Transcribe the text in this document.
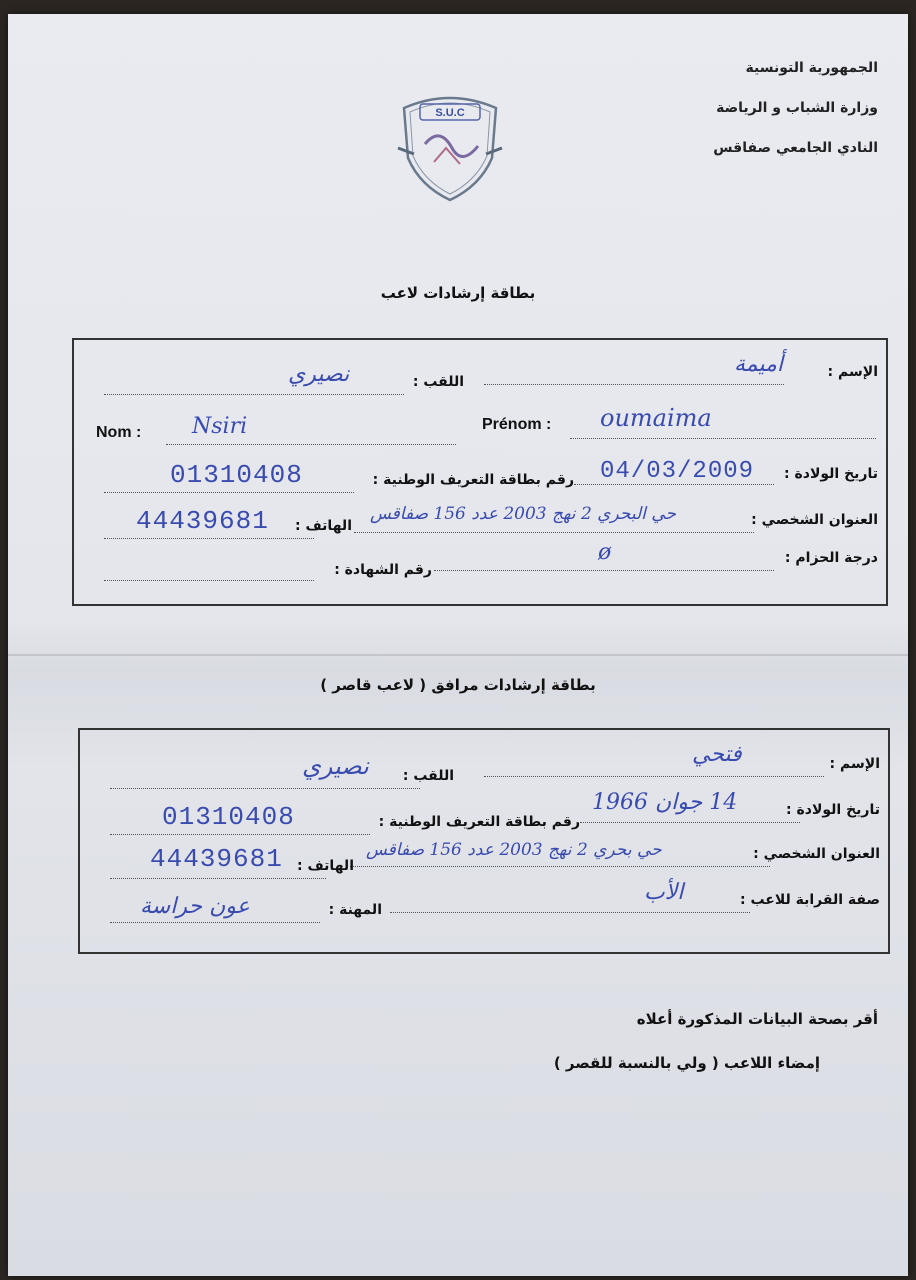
الجمهورية التونسية
وزارة الشباب و الرياضة
النادي الجامعي صفاقس
S.U.C
بطاقة إرشادات لاعب
الإسم :
أميمة
اللقب :
نصيري
Nom : Nsiri	Prénom : oumaima
تاريخ الولادة :
04/03/2009
رقم بطاقة التعريف الوطنية :
01310408
العنوان الشخصي :
حي البحري 2 نهج 2003 عدد 156 صفاقس
الهاتف :
44439681
درجة الحزام :
ø
رقم الشهادة :
بطاقة إرشادات مرافق ( لاعب قاصر )
الإسم :
فتحي
اللقب :
نصيري
تاريخ الولادة :
14 جوان 1966
رقم بطاقة التعريف الوطنية :
01310408
العنوان الشخصي :
حي بحري 2 نهج 2003 عدد 156 صفاقس
الهاتف :
44439681
صفة القرابة للاعب :
الأب
المهنة :
عون حراسة
أقر بصحة البيانات المذكورة أعلاه
إمضاء اللاعب ( ولي بالنسبة للقصر )
